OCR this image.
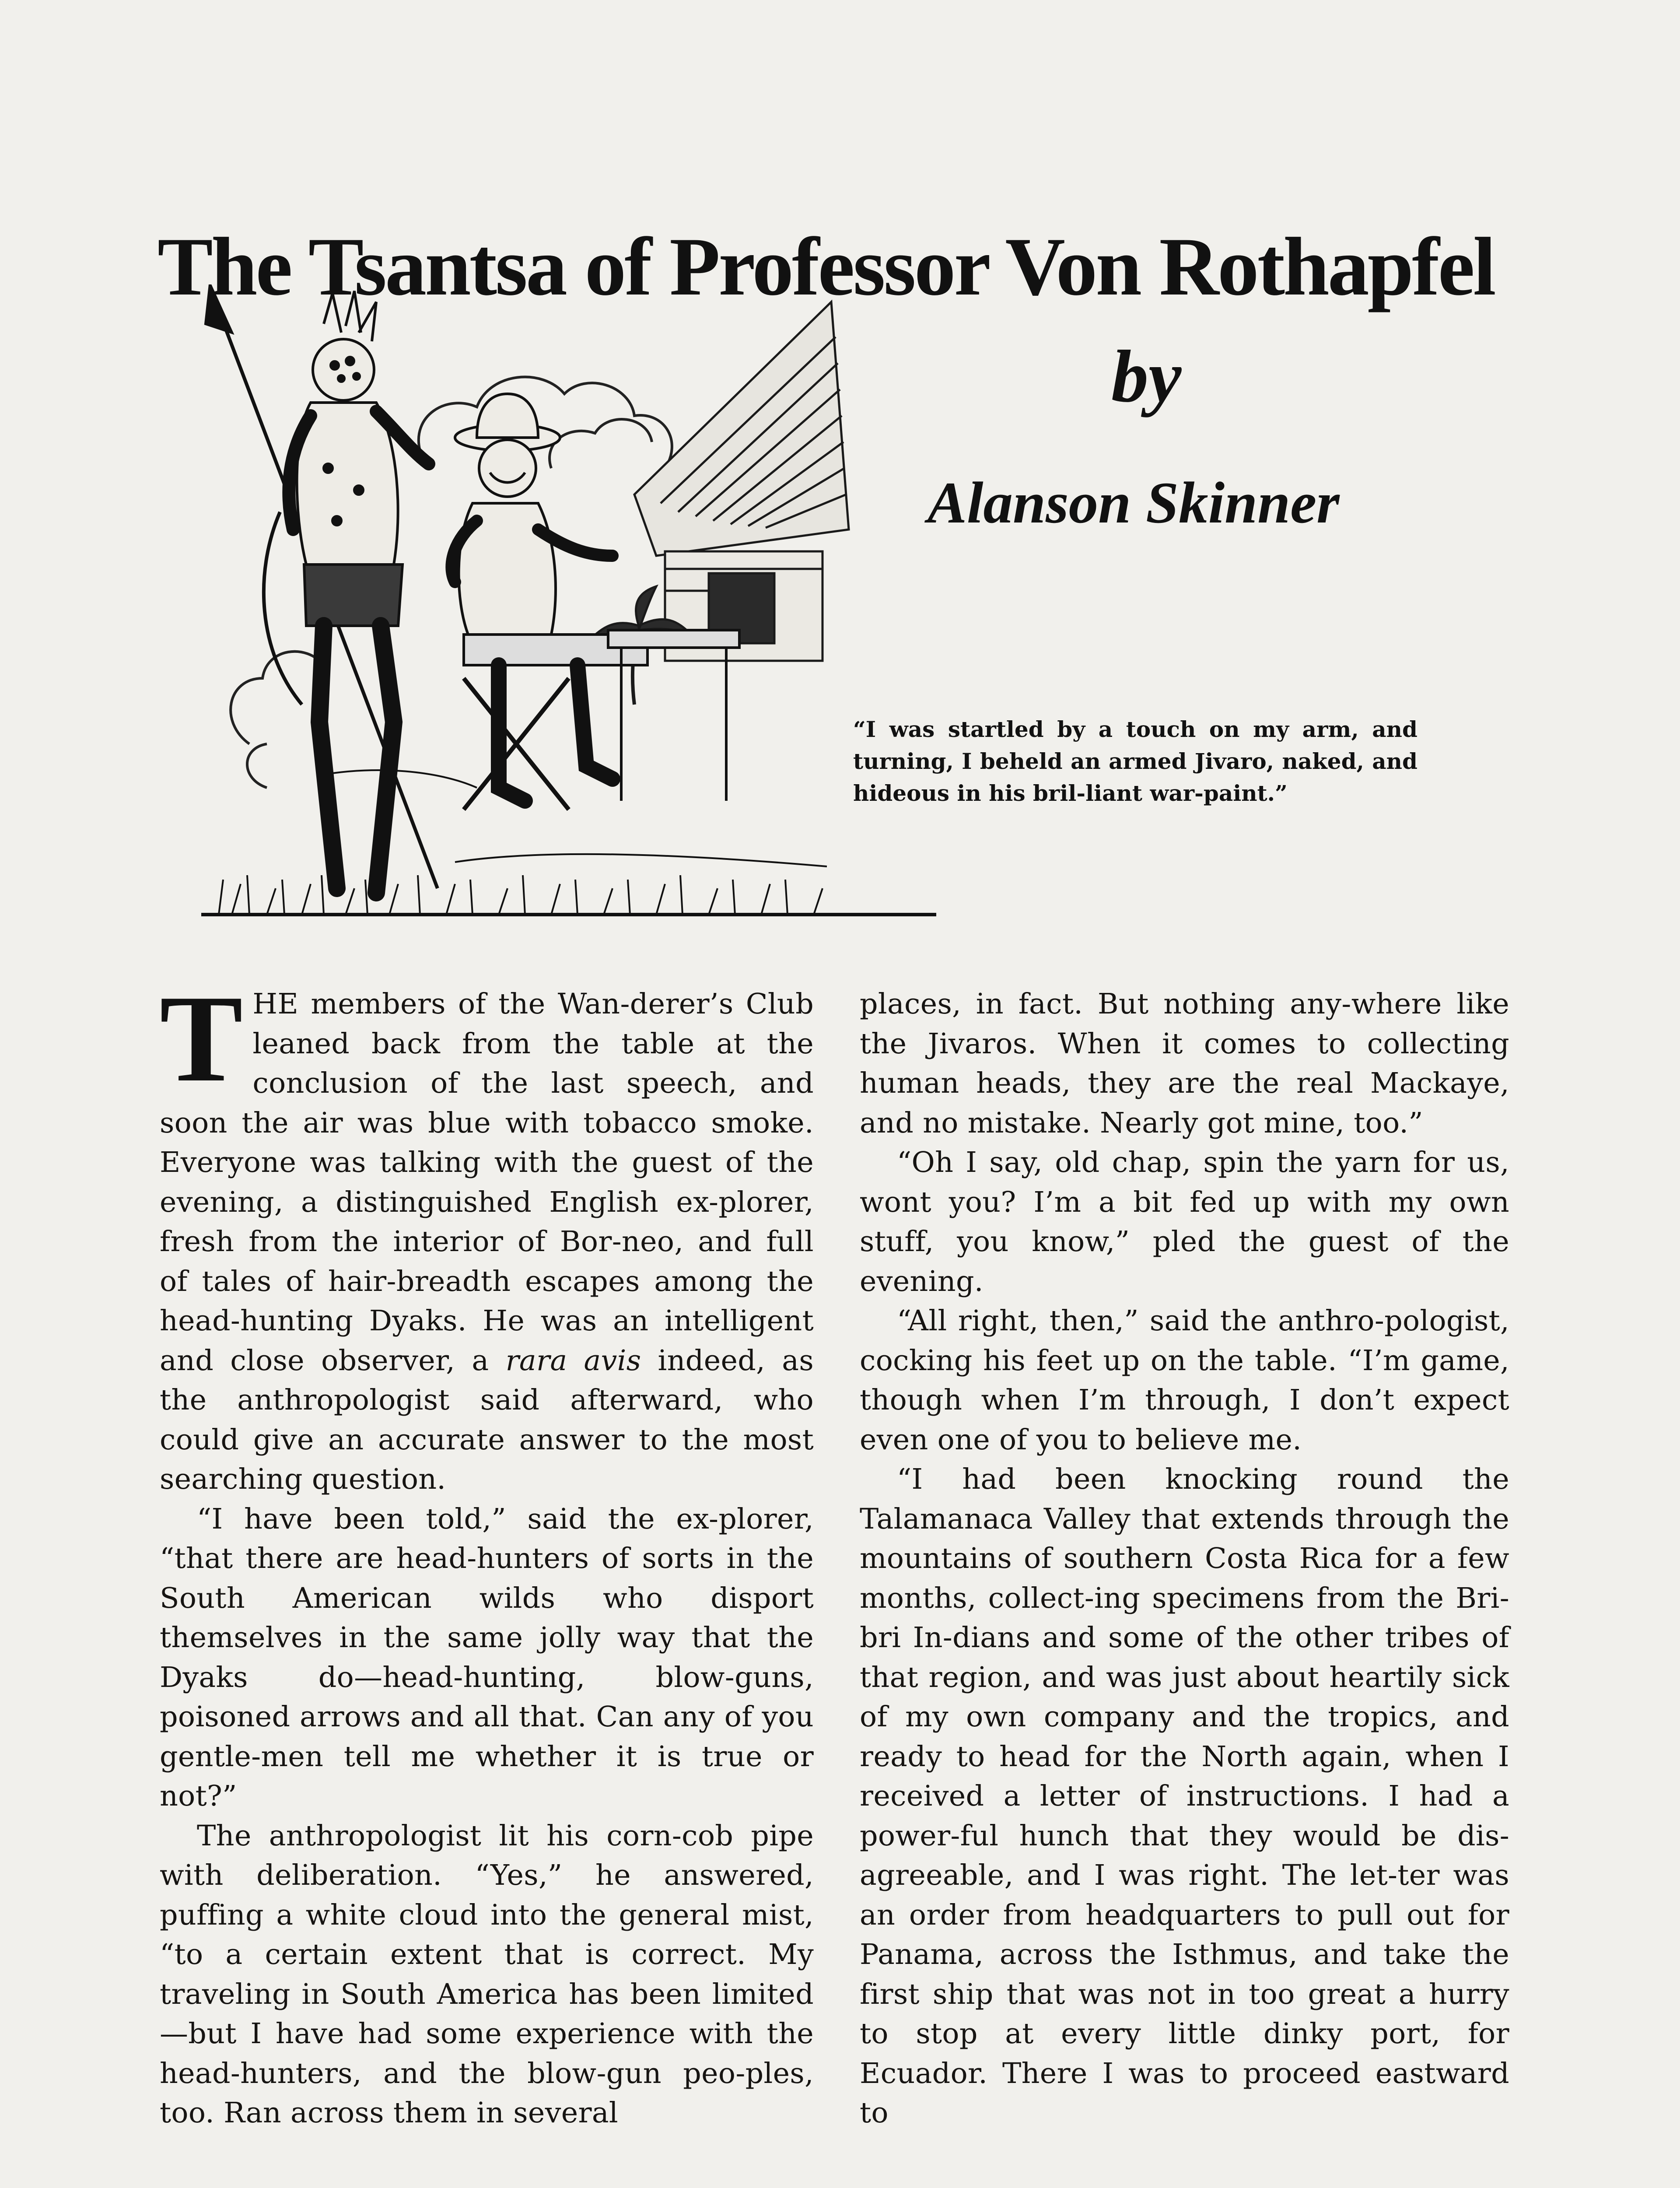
The Tsantsa of Professor Von Rothapfel
by
Alanson Skinner
“I was startled by a touch on my arm, and turning, I beheld an armed Jivaro, naked, and hideous in his bril-liant war-paint.”

THE members of the Wan-derer’s Club leaned back from the table at the conclusion of the last speech, and soon the air was blue with tobacco smoke. Everyone was talking with the guest of the evening, a distinguished English ex-plorer, fresh from the interior of Bor-neo, and full of tales of hair-breadth escapes among the head-hunting Dyaks. He was an intelligent and close observer, a rara avis indeed, as the anthropologist said afterward, who could give an accurate answer to the most searching question.

“I have been told,” said the ex-plorer, “that there are head-hunters of sorts in the South American wilds who disport themselves in the same jolly way that the Dyaks do—head-hunting, blow-guns, poisoned arrows and all that. Can any of you gentle-men tell me whether it is true or not?”

The anthropologist lit his corn-cob pipe with deliberation. “Yes,” he answered, puffing a white cloud into the general mist, “to a certain extent that is correct. My traveling in South America has been limited—but I have had some experience with the head-hunters, and the blow-gun peo-ples, too. Ran across them in several

places, in fact. But nothing any-where like the Jivaros. When it comes to collecting human heads, they are the real Mackaye, and no mistake. Nearly got mine, too.”

“Oh I say, old chap, spin the yarn for us, wont you? I’m a bit fed up with my own stuff, you know,” pled the guest of the evening.

“All right, then,” said the anthro-pologist, cocking his feet up on the table. “I’m game, though when I’m through, I don’t expect even one of you to believe me.

“I had been knocking round the Talamanaca Valley that extends through the mountains of southern Costa Rica for a few months, collect-ing specimens from the Bri-bri In-dians and some of the other tribes of that region, and was just about heartily sick of my own company and the tropics, and ready to head for the North again, when I received a letter of instructions. I had a power-ful hunch that they would be dis-agreeable, and I was right. The let-ter was an order from headquarters to pull out for Panama, across the Isthmus, and take the first ship that was not in too great a hurry to stop at every little dinky port, for Ecuador. There I was to proceed eastward to
